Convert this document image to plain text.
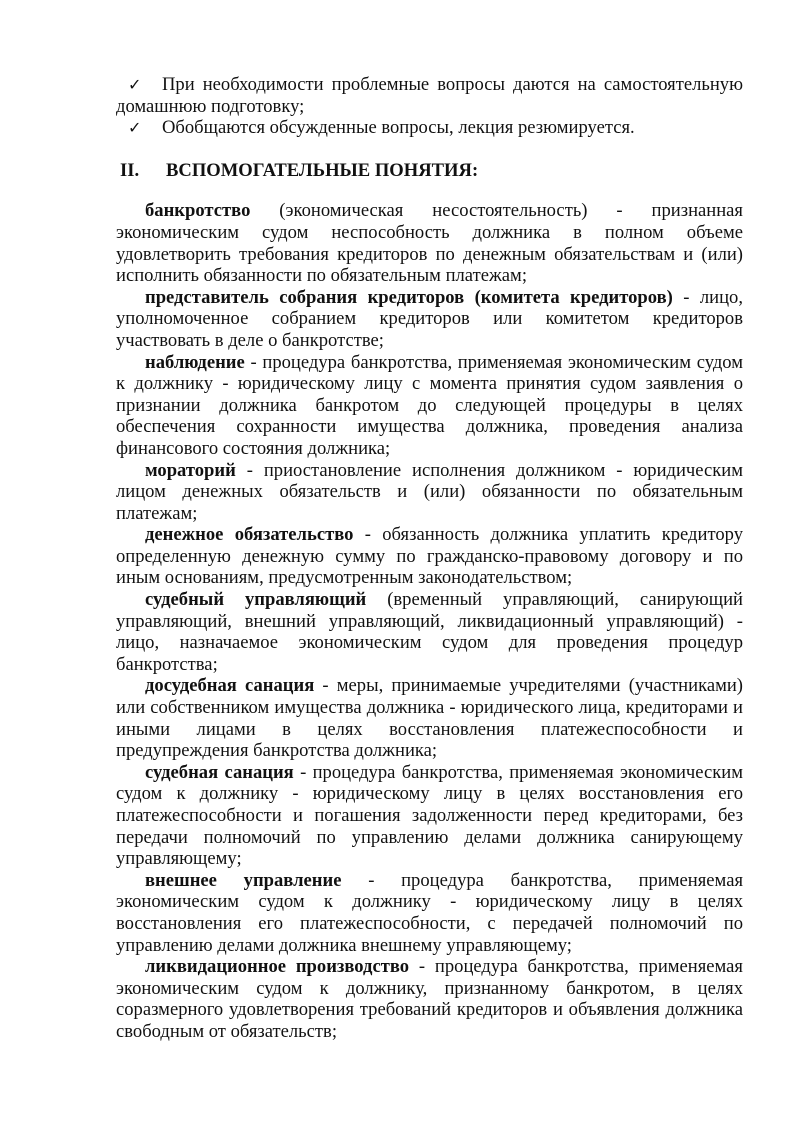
✓ При необходимости проблемные вопросы даются на самостоятельную домашнюю подготовку;
✓ Обобщаются обсужденные вопросы, лекция резюмируется.
II.	ВСПОМОГАТЕЛЬНЫЕ ПОНЯТИЯ:

банкротство (экономическая несостоятельность) - признанная экономическим судом неспособность должника в полном объеме удовлетворить требования кредиторов по денежным обязательствам и (или) исполнить обязанности по обязательным платежам;

представитель собрания кредиторов (комитета кредиторов) - лицо, уполномоченное собранием кредиторов или комитетом кредиторов участвовать в деле о банкротстве;

наблюдение - процедура банкротства, применяемая экономическим судом к должнику - юридическому лицу с момента принятия судом заявления о признании должника банкротом до следующей процедуры в целях обеспечения сохранности имущества должника, проведения анализа финансового состояния должника;

мораторий - приостановление исполнения должником - юридическим лицом денежных обязательств и (или) обязанности по обязательным платежам;

денежное обязательство - обязанность должника уплатить кредитору определенную денежную сумму по гражданско-правовому договору и по иным основаниям, предусмотренным законодательством;

судебный управляющий (временный управляющий, санирующий управляющий, внешний управляющий, ликвидационный управляющий) - лицо, назначаемое экономическим судом для проведения процедур банкротства;

досудебная санация - меры, принимаемые учредителями (участниками) или собственником имущества должника - юридического лица, кредиторами и иными лицами в целях восстановления платежеспособности и предупреждения банкротства должника;

судебная санация - процедура банкротства, применяемая экономическим судом к должнику - юридическому лицу в целях восстановления его платежеспособности и погашения задолженности перед кредиторами, без передачи полномочий по управлению делами должника санирующему управляющему;

внешнее управление - процедура банкротства, применяемая экономическим судом к должнику - юридическому лицу в целях восстановления его платежеспособности, с передачей полномочий по управлению делами должника внешнему управляющему;

ликвидационное производство - процедура банкротства, применяемая экономическим судом к должнику, признанному банкротом, в целях соразмерного удовлетворения требований кредиторов и объявления должника свободным от обязательств;
